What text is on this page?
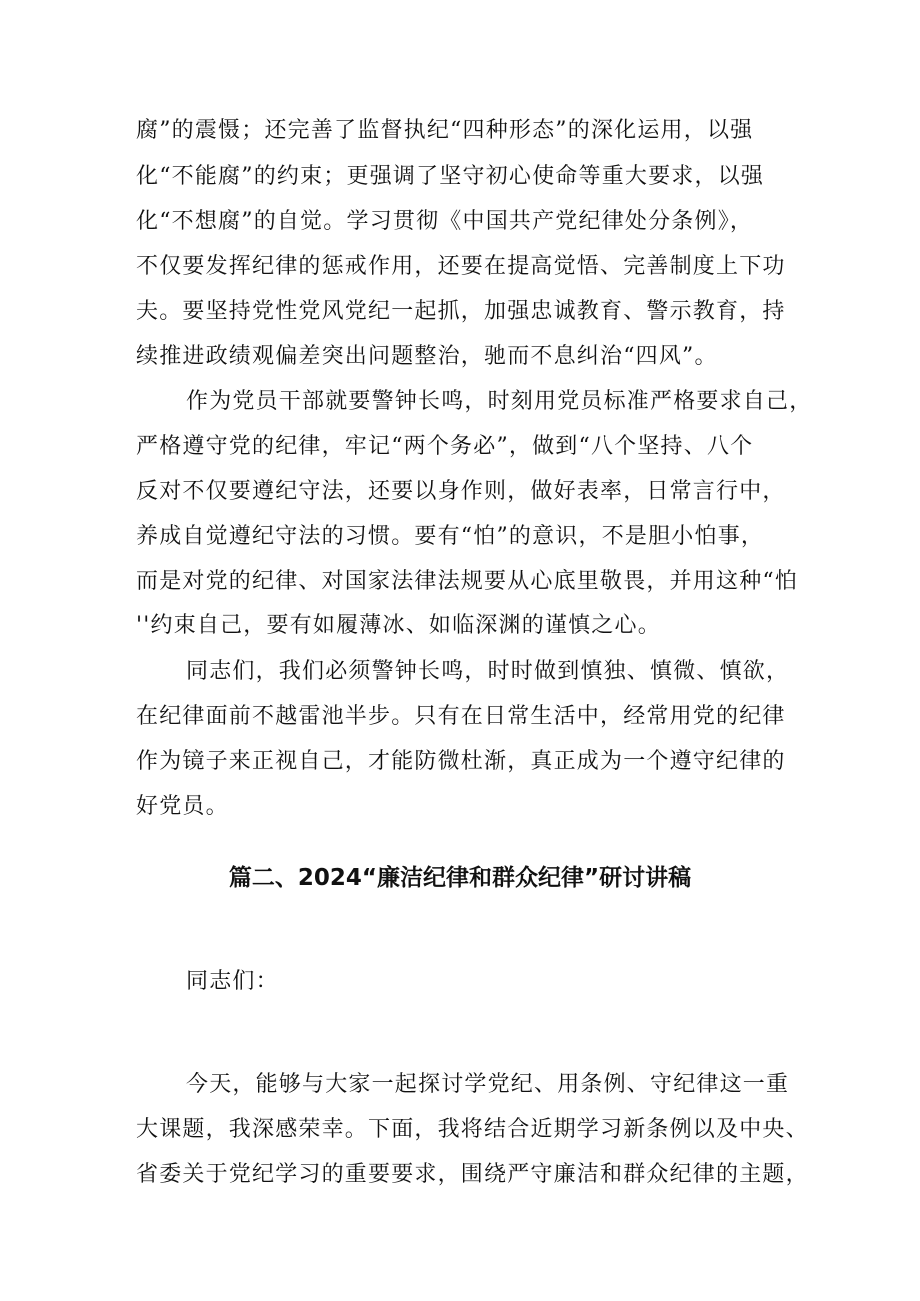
腐”的震慑；还完善了监督执纪“四种形态”的深化运用，以强
化“不能腐”的约束；更强调了坚守初心使命等重大要求，以强
化“不想腐”的自觉。学习贯彻《中国共产党纪律处分条例》，
不仅要发挥纪律的惩戒作用，还要在提高觉悟、完善制度上下功
夫。要坚持党性党风党纪一起抓，加强忠诚教育、警示教育，持
续推进政绩观偏差突出问题整治，驰而不息纠治“四风”。
作为党员干部就要警钟长鸣，时刻用党员标准严格要求自己，
严格遵守党的纪律，牢记“两个务必”，做到“八个坚持、八个
反对不仅要遵纪守法，还要以身作则，做好表率，日常言行中，
养成自觉遵纪守法的习惯。要有“怕”的意识，不是胆小怕事，
而是对党的纪律、对国家法律法规要从心底里敬畏，并用这种“怕
''约束自己，要有如履薄冰、如临深渊的谨慎之心。
同志们，我们必须警钟长鸣，时时做到慎独、慎微、慎欲，
在纪律面前不越雷池半步。只有在日常生活中，经常用党的纪律
作为镜子来正视自己，才能防微杜渐，真正成为一个遵守纪律的
好党员。
篇二、2024“廉洁纪律和群众纪律”研讨讲稿
同志们：
今天，能够与大家一起探讨学党纪、用条例、守纪律这一重
大课题，我深感荣幸。下面，我将结合近期学习新条例以及中央、
省委关于党纪学习的重要要求，围绕严守廉洁和群众纪律的主题，
